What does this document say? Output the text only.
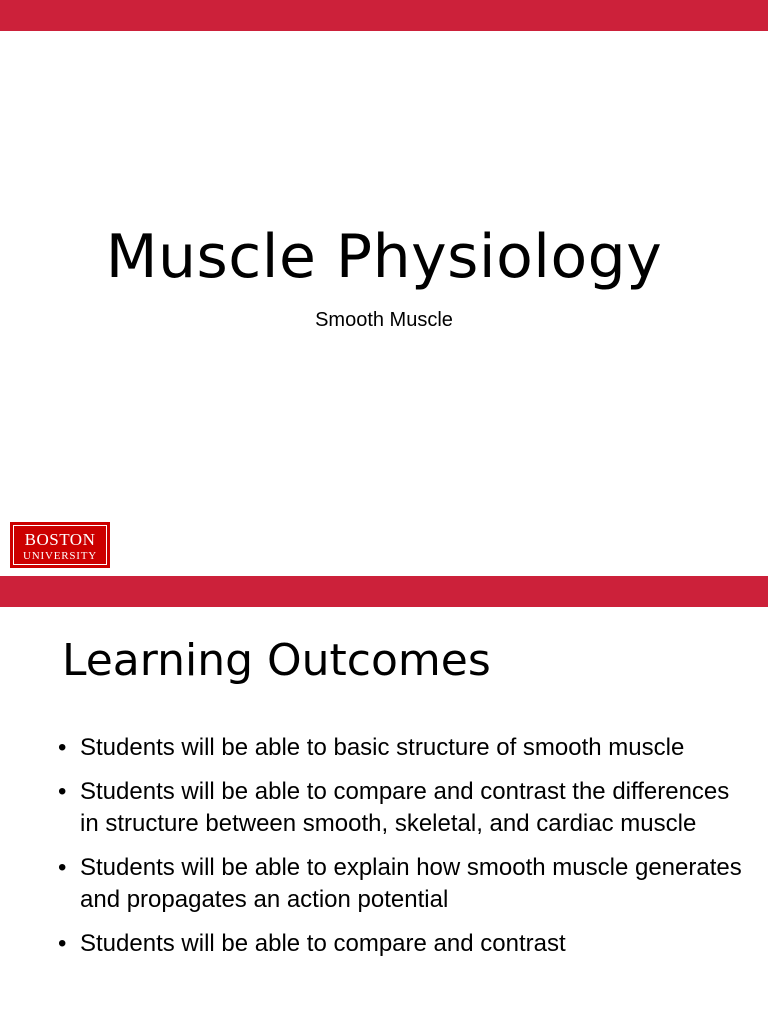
Muscle Physiology
Smooth Muscle
BOSTON
UNIVERSITY
Learning Outcomes
• Students will be able to basic structure of smooth muscle
• Students will be able to compare and contrast the differences in structure between smooth, skeletal, and cardiac muscle
• Students will be able to explain how smooth muscle generates and propagates an action potential
• Students will be able to compare and contrast
